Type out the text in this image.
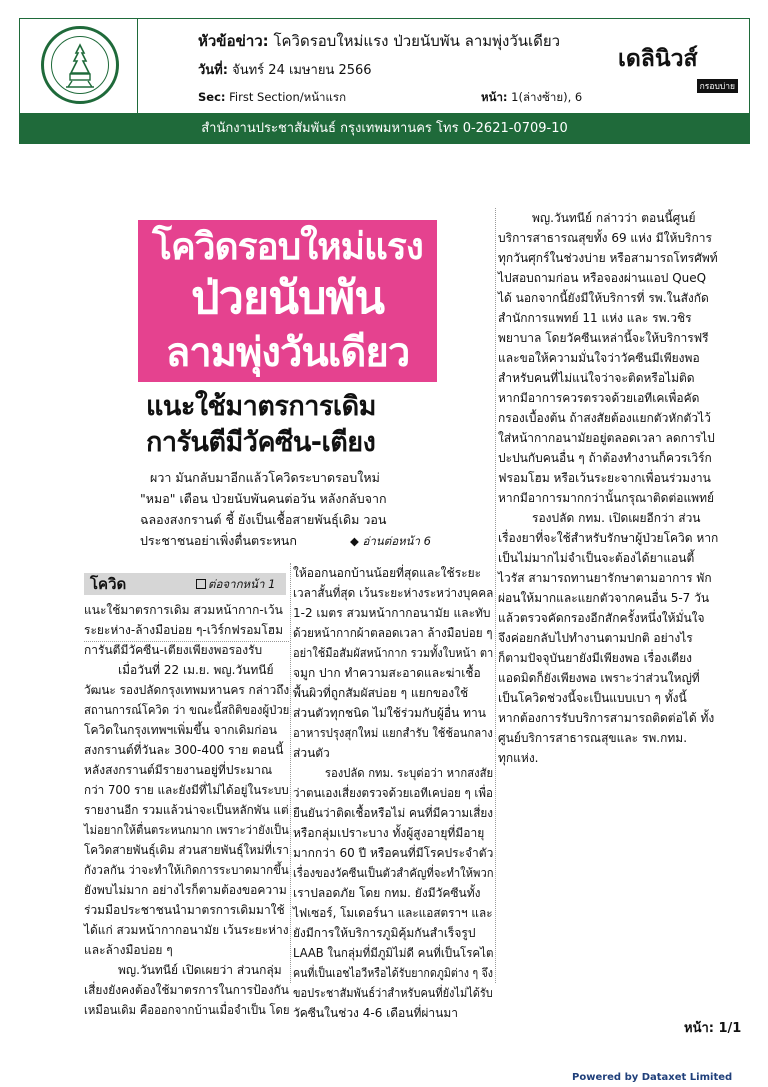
หัวข้อข่าว: โควิดรอบใหม่แรง ป่วยนับพัน ลามพุ่งวันเดียว
วันที่: จันทร์ 24 เมษายน 2566
Sec: First Section/หน้าแรก	หน้า: 1(ล่างซ้าย), 6
เดลินิวส์
กรอบบ่าย
สำนักงานประชาสัมพันธ์ กรุงเทพมหานคร โทร 0-2621-0709-10
โควิดรอบใหม่แรง
ป่วยนับพัน
ลามพุ่งวันเดียว
แนะใช้มาตรการเดิม
การันตีมีวัคซีน-เตียง
ผวา มันกลับมาอีกแล้วโควิดระบาดรอบใหม่
"หมอ" เตือน ป่วยนับพันคนต่อวัน หลังกลับจาก
ฉลองสงกรานต์ ชี้ ยังเป็นเชื้อสายพันธุ์เดิม วอน
ประชาชนอย่าเพิ่งตื่นตระหนก	◆ อ่านต่อหน้า 6
โควิด	ต่อจากหน้า 1

แนะใช้มาตรการเดิม สวมหน้ากาก-เว้น

ระยะห่าง-ล้างมือบ่อย ๆ-เวิร์กฟรอมโฮม

การันตีมีวัคซีน-เตียงเพียงพอรองรับ

เมื่อวันที่ 22 เม.ย. พญ.วันทนีย์

วัฒนะ รองปลัดกรุงเทพมหานคร กล่าวถึง

สถานการณ์โควิด ว่า ขณะนี้สถิติของผู้ป่วย

โควิดในกรุงเทพฯเพิ่มขึ้น จากเดิมก่อน

สงกรานต์ที่วันละ 300-400 ราย ตอนนี้

หลังสงกรานต์มีรายงานอยู่ที่ประมาณ

กว่า 700 ราย และยังมีที่ไม่ได้อยู่ในระบบ

รายงานอีก รวมแล้วน่าจะเป็นหลักพัน แต่

ไม่อยากให้ตื่นตระหนกมาก เพราะว่ายังเป็น

โควิดสายพันธุ์เดิม ส่วนสายพันธุ์ใหม่ที่เรา

กังวลกัน ว่าจะทำให้เกิดการระบาดมากขึ้น

ยังพบไม่มาก อย่างไรก็ตามต้องขอความ

ร่วมมือประชาชนนำมาตรการเดิมมาใช้

ได้แก่ สวมหน้ากากอนามัย เว้นระยะห่าง

และล้างมือบ่อย ๆ

พญ.วันทนีย์ เปิดเผยว่า ส่วนกลุ่ม

เสี่ยงยังคงต้องใช้มาตรการในการป้องกัน

เหมือนเดิม คือออกจากบ้านเมื่อจำเป็น โดย

ให้ออกนอกบ้านน้อยที่สุดและใช้ระยะ

เวลาสั้นที่สุด เว้นระยะห่างระหว่างบุคคล

1-2 เมตร สวมหน้ากากอนามัย และทับ

ด้วยหน้ากากผ้าตลอดเวลา ล้างมือบ่อย ๆ

อย่าใช้มือสัมผัสหน้ากาก รวมทั้งใบหน้า ตา

จมูก ปาก ทำความสะอาดและฆ่าเชื้อ

พื้นผิวที่ถูกสัมผัสบ่อย ๆ แยกของใช้

ส่วนตัวทุกชนิด ไม่ใช้ร่วมกับผู้อื่น ทาน

อาหารปรุงสุกใหม่ แยกสำรับ ใช้ช้อนกลาง

ส่วนตัว

รองปลัด กทม. ระบุต่อว่า หากสงสัย

ว่าตนเองเสี่ยงตรวจด้วยเอทีเคบ่อย ๆ เพื่อ

ยืนยันว่าติดเชื้อหรือไม่ คนที่มีความเสี่ยง

หรือกลุ่มเปราะบาง ทั้งผู้สูงอายุที่มีอายุ

มากกว่า 60 ปี หรือคนที่มีโรคประจำตัว

เรื่องของวัคซีนเป็นตัวสำคัญที่จะทำให้พวก

เราปลอดภัย โดย กทม. ยังมีวัคซีนทั้ง

ไฟเซอร์, โมเดอร์นา และแอสตราฯ และ

ยังมีการให้บริการภูมิคุ้มกันสำเร็จรูป

LAAB ในกลุ่มที่มีภูมิไม่ดี คนที่เป็นโรคไต

คนที่เป็นเอชไอวีหรือได้รับยากดภูมิต่าง ๆ จึง

ขอประชาสัมพันธ์ว่าสำหรับคนที่ยังไม่ได้รับ

วัคซีนในช่วง 4-6 เดือนที่ผ่านมา

พญ.วันทนีย์ กล่าวว่า ตอนนี้ศูนย์

บริการสาธารณสุขทั้ง 69 แห่ง มีให้บริการ

ทุกวันศุกร์ในช่วงบ่าย หรือสามารถโทรศัพท์

ไปสอบถามก่อน หรือจองผ่านแอป QueQ

ได้ นอกจากนี้ยังมีให้บริการที่ รพ.ในสังกัด

สำนักการแพทย์ 11 แห่ง และ รพ.วชิร

พยาบาล โดยวัคซีนเหล่านี้จะให้บริการฟรี

และขอให้ความมั่นใจว่าวัคซีนมีเพียงพอ

สำหรับคนที่ไม่แน่ใจว่าจะติดหรือไม่ติด

หากมีอาการควรตรวจด้วยเอทีเคเพื่อคัด

กรองเบื้องต้น ถ้าสงสัยต้องแยกตัวหักตัวไว้

ใส่หน้ากากอนามัยอยู่ตลอดเวลา ลดการไป

ปะปนกับคนอื่น ๆ ถ้าต้องทำงานก็ควรเวิร์ก

ฟรอมโฮม หรือเว้นระยะจากเพื่อนร่วมงาน

หากมีอาการมากกว่านั้นกรุณาติดต่อแพทย์

รองปลัด กทม. เปิดเผยอีกว่า ส่วน

เรื่องยาที่จะใช้สำหรับรักษาผู้ป่วยโควิด หาก

เป็นไม่มากไม่จำเป็นจะต้องได้ยาแอนตี้

ไวรัส สามารถทานยารักษาตามอาการ พัก

ผ่อนให้มากและแยกตัวจากคนอื่น 5-7 วัน

แล้วตรวจคัดกรองอีกสักครั้งหนึ่งให้มั่นใจ

จึงค่อยกลับไปทำงานตามปกติ อย่างไร

ก็ตามปัจจุบันยายังมีเพียงพอ เรื่องเตียง

แอดมิดก็ยังเพียงพอ เพราะว่าส่วนใหญ่ที่

เป็นโควิดช่วงนี้จะเป็นแบบเบา ๆ ทั้งนี้

หากต้องการรับบริการสามารถติดต่อได้ ทั้ง

ศูนย์บริการสาธารณสุขและ รพ.กทม.

ทุกแห่ง.

หน้า: 1/1
Powered by Dataxet Limited
